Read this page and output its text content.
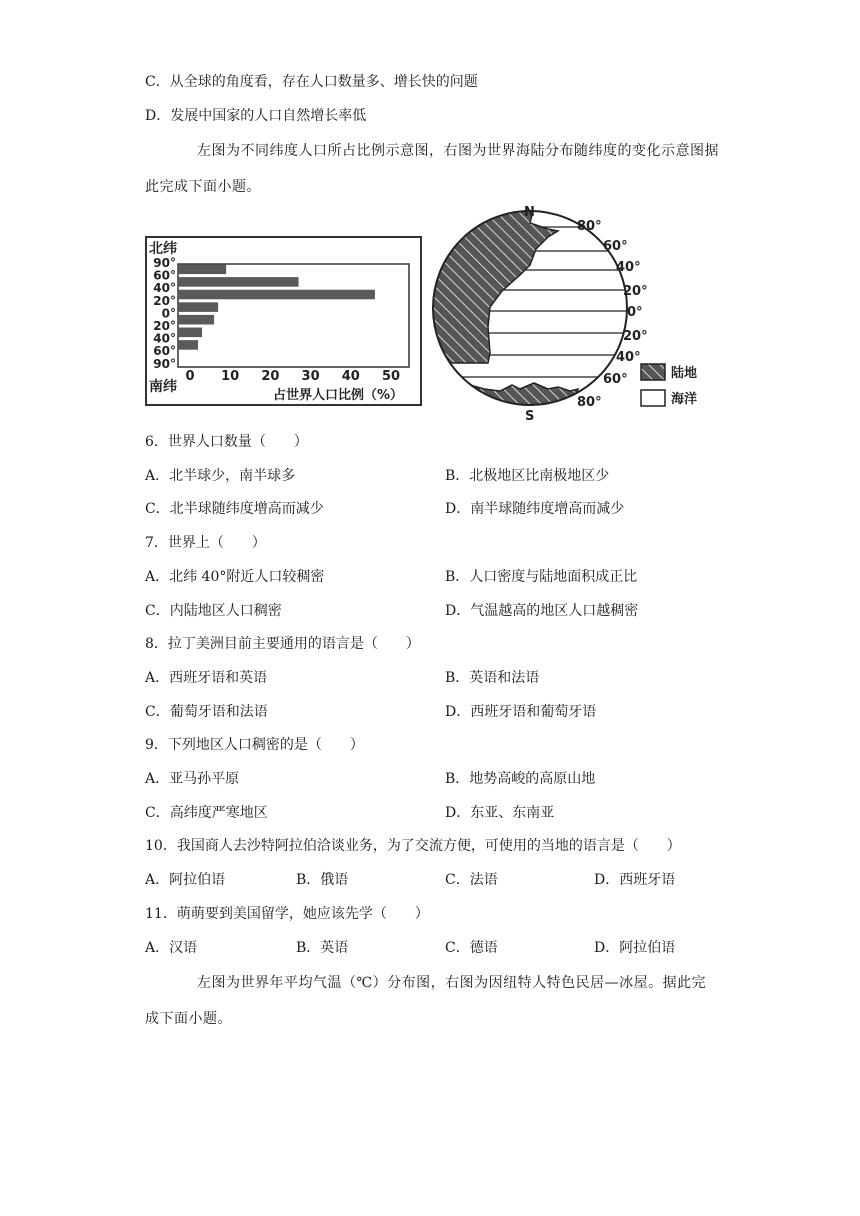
C．从全球的角度看，存在人口数量多、增长快的问题
D．发展中国家的人口自然增长率低
左图为不同纬度人口所占比例示意图，右图为世界海陆分布随纬度的变化示意图据此完成下面小题。
北纬
南纬
90°
60°
40°
20°
0°
20°
40°
60°
90°
0 10 20 30 40 50
占世界人口比例（%）
N
S
80°
60°
40°
20°
0°
20°
40°
60°
80°
陆地
海洋
6．世界人口数量（　　）
A．北半球少，南半球多	B．北极地区比南极地区少
C．北半球随纬度增高而减少	D．南半球随纬度增高而减少
7．世界上（　　）
A．北纬 40°附近人口较稠密	B．人口密度与陆地面积成正比
C．内陆地区人口稠密	D．气温越高的地区人口越稠密
8．拉丁美洲目前主要通用的语言是（　　）
A．西班牙语和英语	B．英语和法语
C．葡萄牙语和法语	D．西班牙语和葡萄牙语
9．下列地区人口稠密的是（　　）
A．亚马孙平原	B．地势高峻的高原山地
C．高纬度严寒地区	D．东亚、东南亚
10．我国商人去沙特阿拉伯洽谈业务，为了交流方便，可使用的当地的语言是（　　）
A．阿拉伯语	B．俄语	C．法语	D．西班牙语
11．萌萌要到美国留学，她应该先学（　　）
A．汉语	B．英语	C．德语	D．阿拉伯语
左图为世界年平均气温（℃）分布图，右图为因纽特人特色民居—冰屋。据此完成下面小题。
